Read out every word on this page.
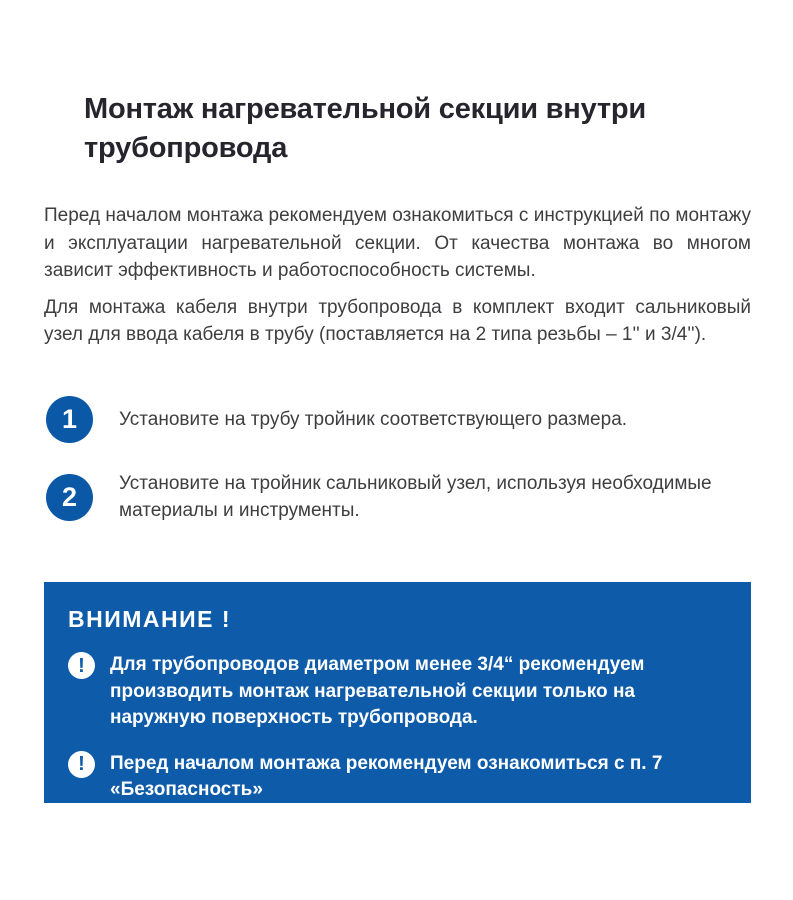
Монтаж нагревательной секции внутри трубопровода

Перед началом монтажа рекомендуем ознакомиться с инструкцией по монтажу и эксплуатации нагревательной секции. От качества монтажа во многом зависит эффективность и работоспособность системы.

Для монтажа кабеля внутри трубопровода в комплект входит сальниковый узел для ввода кабеля в трубу (поставляется на 2 типа резьбы – 1'' и 3/4'').

1	Установите на трубу тройник соответствующего размера.
2	Установите на тройник сальниковый узел, используя необходимые материалы и инструменты.
ВНИМАНИЕ !
!	Для трубопроводов диаметром менее 3/4“ рекомендуем производить монтаж нагревательной секции только на наружную поверхность трубопровода.
!	Перед началом монтажа рекомендуем ознакомиться с п. 7 «Безопасность»
